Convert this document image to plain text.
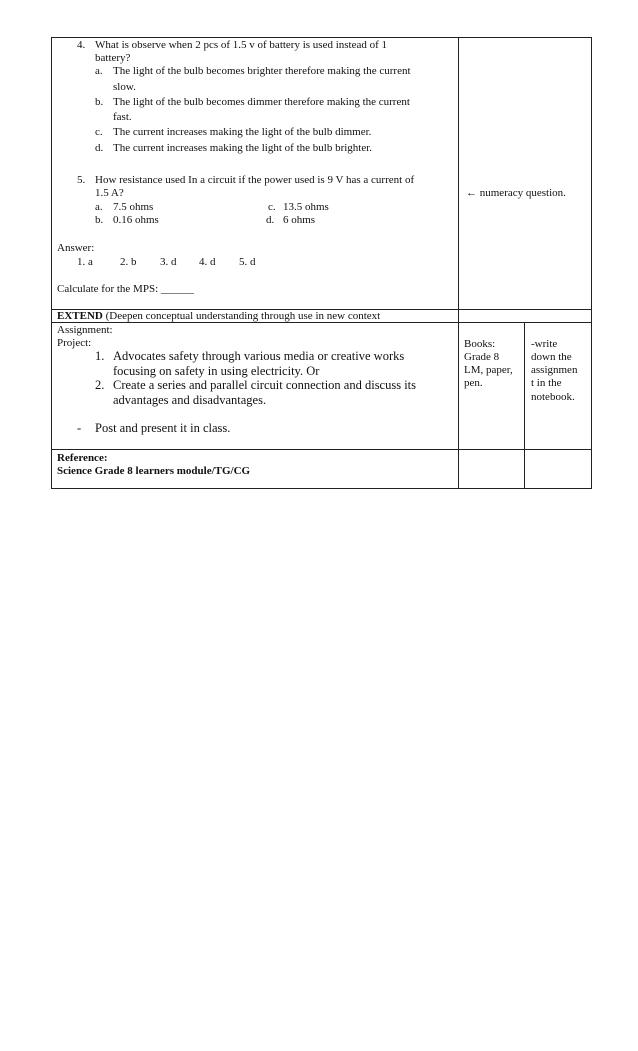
4. What is observe when 2 pcs of 1.5 v of battery is used instead of 1
battery?
a. The light of the bulb becomes brighter therefore making the current
slow.
b. The light of the bulb becomes dimmer therefore making the current
fast.
c. The current increases making the light of the bulb dimmer.
d. The current increases making the light of the bulb brighter.
5. How resistance used In a circuit if the power used is 9 V has a current of
1.5 A?
a. 7.5 ohms
b. 0.16 ohms
c. 13.5 ohms
d. 6 ohms
← numeracy question.
Answer:
1. a 2. b 3. d 4. d 5. d
Calculate for the MPS: ______
EXTEND (Deepen conceptual understanding through use in new context
Assignment:
Project:
1. Advocates safety through various media or creative works
focusing on safety in using electricity. Or
2. Create a series and parallel circuit connection and discuss its
advantages and disadvantages.
- Post and present it in class.
Books:
Grade 8
LM, paper,
pen.
-write
down the
assignmen
t in the
notebook.
Reference:
Science Grade 8 learners module/TG/CG
